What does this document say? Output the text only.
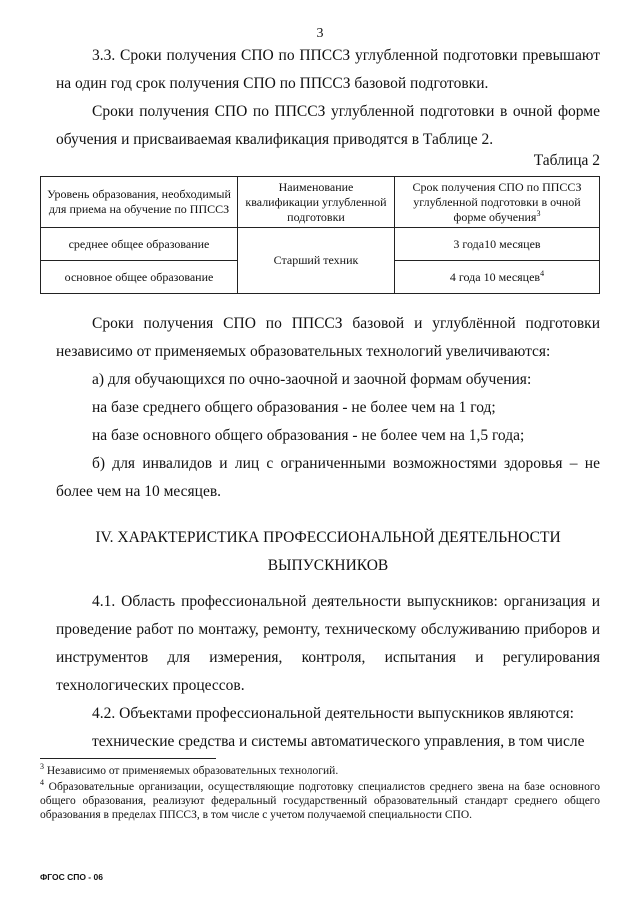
3

3.3. Сроки получения СПО по ППССЗ углубленной подготовки превышают на один год срок получения СПО по ППССЗ базовой подготовки.

Сроки получения СПО по ППССЗ углубленной подготовки в очной форме обучения и присваиваемая квалификация приводятся в Таблице 2.

Таблица 2
Уровень образования, необходимый для приема на обучение по ППССЗ	Наименование квалификации углубленной подготовки	Срок получения СПО по ППССЗ углубленной подготовки в очной форме обучения$^3$
среднее общее образование	Старший техник	3 года10 месяцев
основное общее образование		4 года 10 месяцев$^4$

Сроки получения СПО по ППССЗ базовой и углублённой подготовки независимо от применяемых образовательных технологий увеличиваются:

а) для обучающихся по очно-заочной и заочной формам обучения:

на базе среднего общего образования - не более чем на 1 год;

на базе основного общего образования - не более чем на 1,5 года;

б) для инвалидов и лиц с ограниченными возможностями здоровья – не более чем на 10 месяцев.

IV. ХАРАКТЕРИСТИКА ПРОФЕССИОНАЛЬНОЙ ДЕЯТЕЛЬНОСТИ

ВЫПУСКНИКОВ

4.1. Область профессиональной деятельности выпускников: организация и проведение работ по монтажу, ремонту, техническому обслуживанию приборов и инструментов для измерения, контроля, испытания и регулирования технологических процессов.

4.2. Объектами профессиональной деятельности выпускников являются:

технические средства и системы автоматического управления, в том числе

$^3$ Независимо от применяемых образовательных технологий.

$^4$ Образовательные организации, осуществляющие подготовку специалистов среднего звена на базе основного общего образования, реализуют федеральный государственный образовательный стандарт среднего общего образования в пределах ППССЗ, в том числе с учетом получаемой специальности СПО.

ФГОС СПО - 06
